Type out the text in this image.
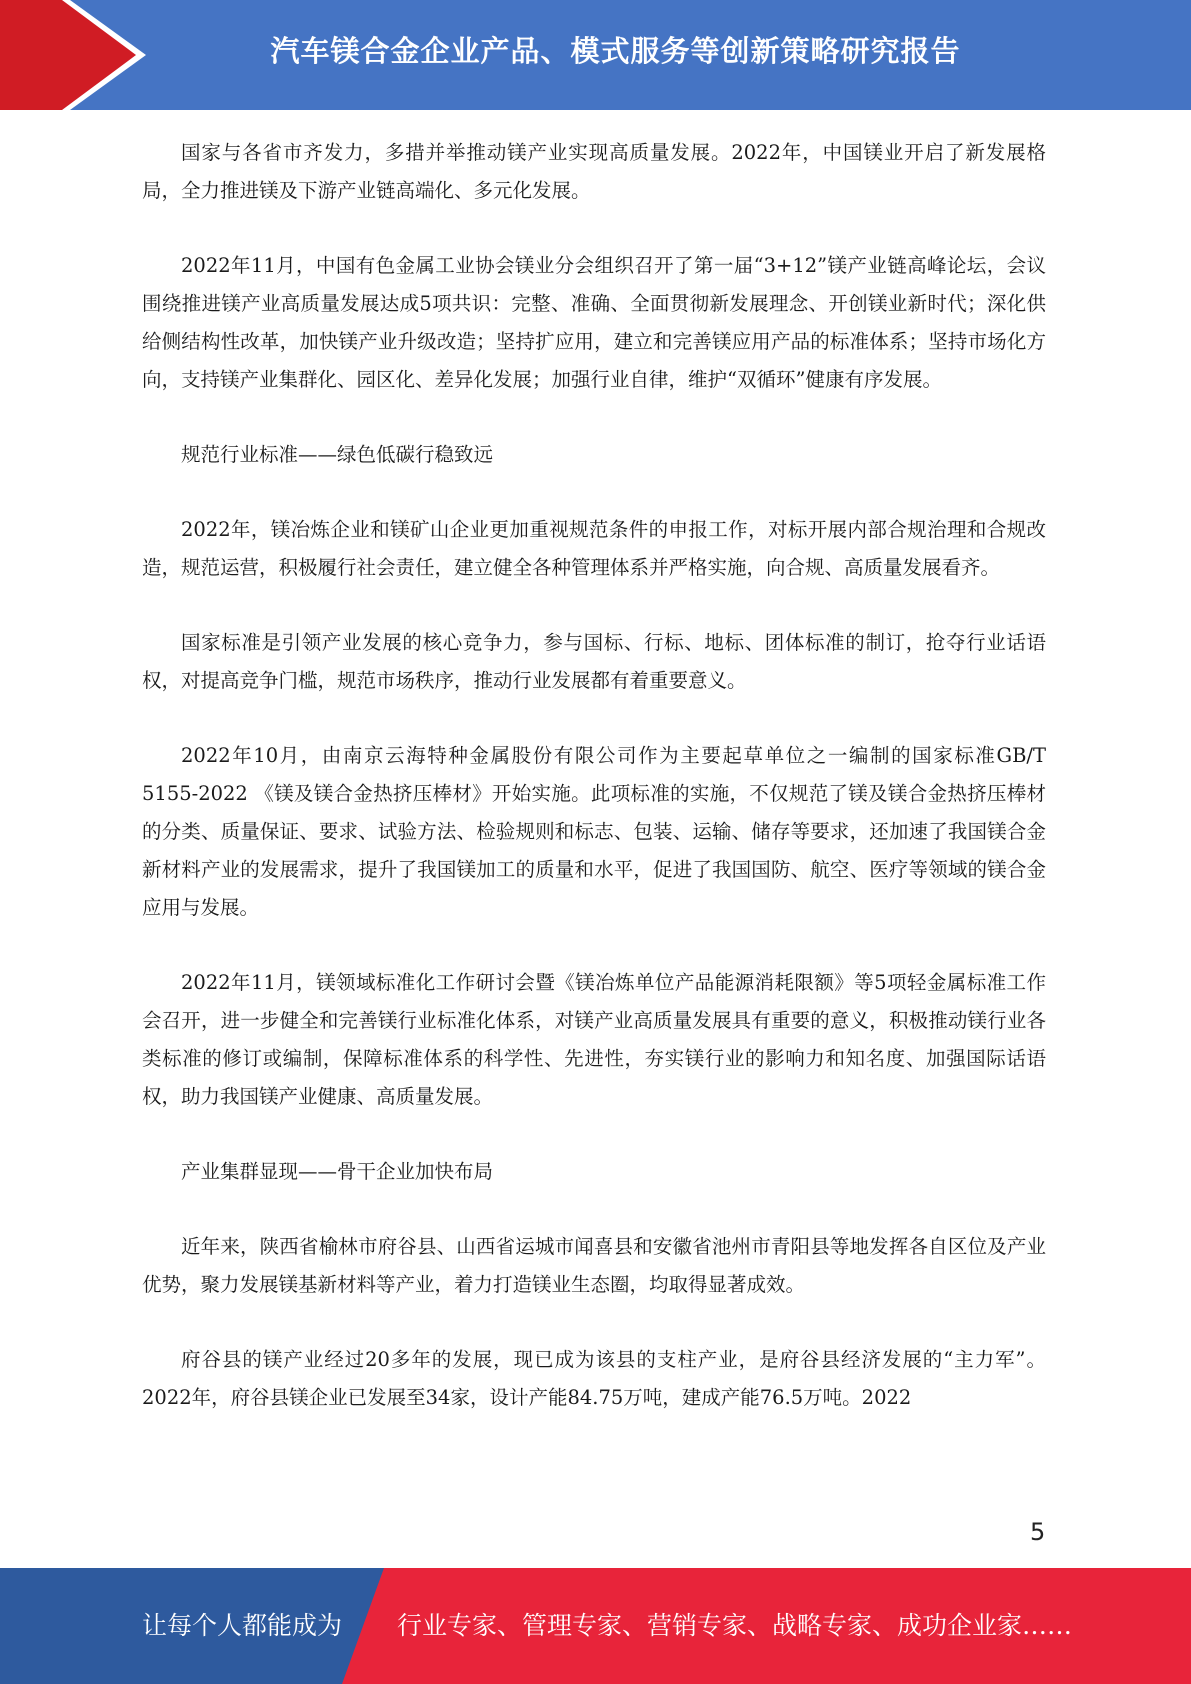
汽车镁合金企业产品、模式服务等创新策略研究报告

国家与各省市齐发力，多措并举推动镁产业实现高质量发展。2022年，中国镁业开启了新发展格局，全力推进镁及下游产业链高端化、多元化发展。

2022年11月，中国有色金属工业协会镁业分会组织召开了第一届“3+12”镁产业链高峰论坛，会议围绕推进镁产业高质量发展达成5项共识：完整、准确、全面贯彻新发展理念、开创镁业新时代；深化供给侧结构性改革，加快镁产业升级改造；坚持扩应用，建立和完善镁应用产品的标准体系；坚持市场化方向，支持镁产业集群化、园区化、差异化发展；加强行业自律，维护“双循环”健康有序发展。

规范行业标准——绿色低碳行稳致远

2022年，镁冶炼企业和镁矿山企业更加重视规范条件的申报工作，对标开展内部合规治理和合规改造，规范运营，积极履行社会责任，建立健全各种管理体系并严格实施，向合规、高质量发展看齐。

国家标准是引领产业发展的核心竞争力，参与国标、行标、地标、团体标准的制订，抢夺行业话语权，对提高竞争门槛，规范市场秩序，推动行业发展都有着重要意义。

2022年10月，由南京云海特种金属股份有限公司作为主要起草单位之一编制的国家标准GB/T 5155-2022 《镁及镁合金热挤压棒材》开始实施。此项标准的实施，不仅规范了镁及镁合金热挤压棒材的分类、质量保证、要求、试验方法、检验规则和标志、包装、运输、储存等要求，还加速了我国镁合金新材料产业的发展需求，提升了我国镁加工的质量和水平，促进了我国国防、航空、医疗等领域的镁合金应用与发展。

2022年11月，镁领域标准化工作研讨会暨《镁冶炼单位产品能源消耗限额》等5项轻金属标准工作会召开，进一步健全和完善镁行业标准化体系，对镁产业高质量发展具有重要的意义，积极推动镁行业各类标准的修订或编制，保障标准体系的科学性、先进性，夯实镁行业的影响力和知名度、加强国际话语权，助力我国镁产业健康、高质量发展。

产业集群显现——骨干企业加快布局

近年来，陕西省榆林市府谷县、山西省运城市闻喜县和安徽省池州市青阳县等地发挥各自区位及产业优势，聚力发展镁基新材料等产业，着力打造镁业生态圈，均取得显著成效。

府谷县的镁产业经过20多年的发展，现已成为该县的支柱产业，是府谷县经济发展的“主力军”。2022年，府谷县镁企业已发展至34家，设计产能84.75万吨，建成产能76.5万吨。2022

5
让每个人都能成为 行业专家、管理专家、营销专家、战略专家、成功企业家……
